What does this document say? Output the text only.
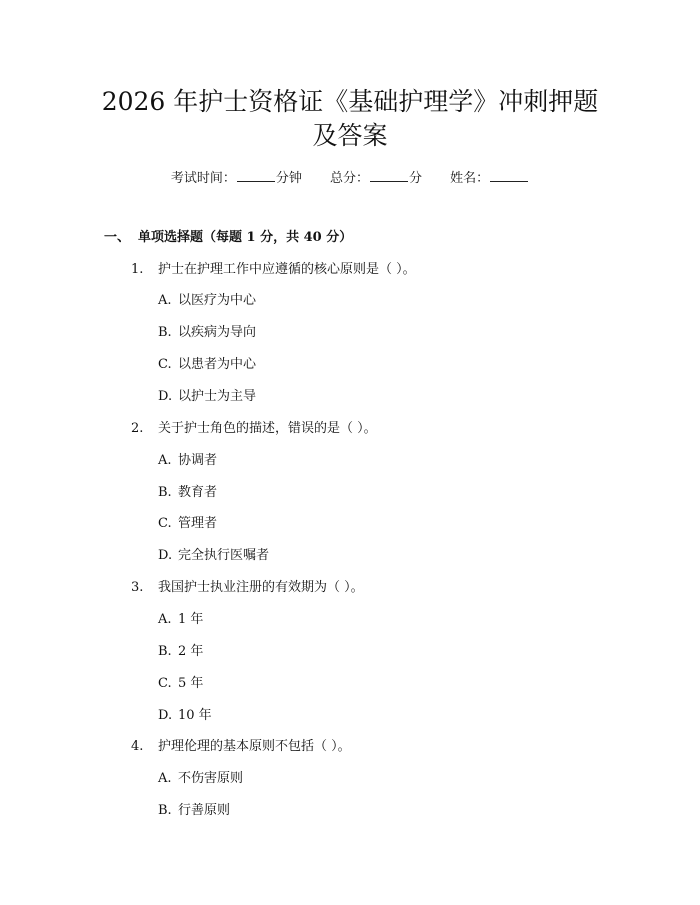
2026 年护士资格证《基础护理学》冲刺押题
及答案
考试时间：	分钟 总分：	分 姓名：
一、 单项选择题（每题 1 分，共 40 分）
1. 护士在护理工作中应遵循的核心原则是（ ）。
A. 以医疗为中心
B. 以疾病为导向
C. 以患者为中心
D. 以护士为主导
2. 关于护士角色的描述，错误的是（ ）。
A. 协调者
B. 教育者
C. 管理者
D. 完全执行医嘱者
3. 我国护士执业注册的有效期为（ ）。
A. 1 年
B. 2 年
C. 5 年
D. 10 年
4. 护理伦理的基本原则不包括（ ）。
A. 不伤害原则
B. 行善原则
